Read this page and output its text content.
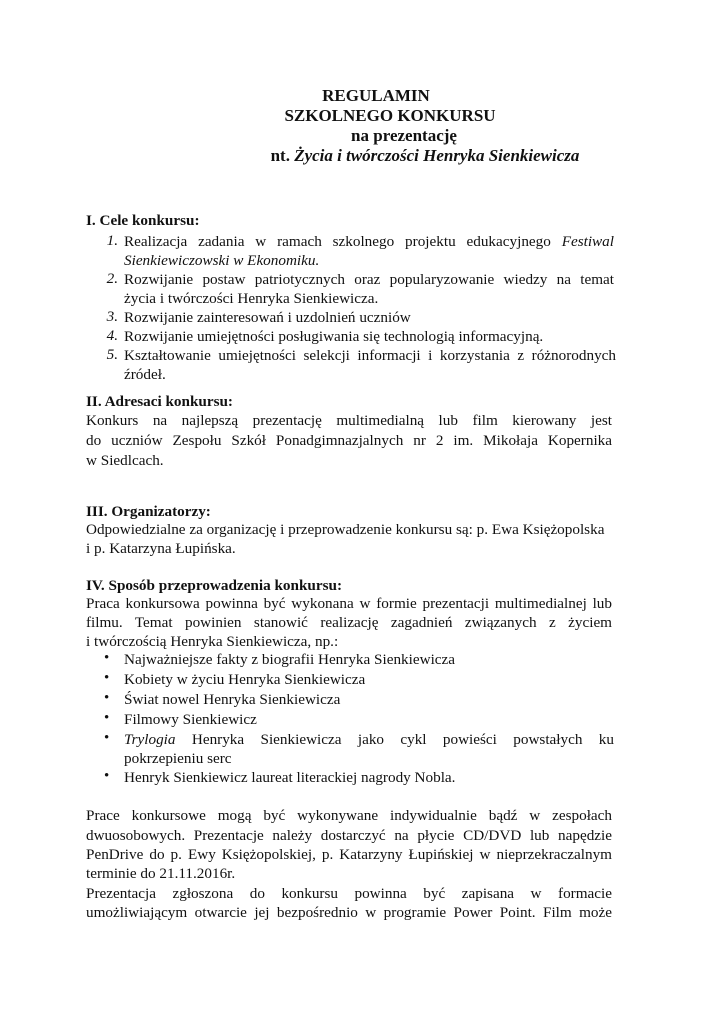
REGULAMIN
SZKOLNEGO KONKURSU
na prezentację
nt. Życia i twórczości Henryka Sienkiewicza
I. Cele konkursu:
1. Realizacja zadania w ramach szkolnego projektu edukacyjnego Festiwal
Sienkiewiczowski w Ekonomiku.
2. Rozwijanie postaw patriotycznych oraz popularyzowanie wiedzy na temat
życia i twórczości Henryka Sienkiewicza.
3. Rozwijanie zainteresowań i uzdolnień uczniów
4. Rozwijanie umiejętności posługiwania się technologią informacyjną.
5. Kształtowanie umiejętności selekcji informacji i korzystania z różnorodnych
źródeł.
II. Adresaci konkursu:
Konkurs na najlepszą prezentację multimedialną lub film kierowany jest
do uczniów Zespołu Szkół Ponadgimnazjalnych nr 2 im. Mikołaja Kopernika
w Siedlcach.
III. Organizatorzy:
Odpowiedzialne za organizację i przeprowadzenie konkursu są: p. Ewa Księżopolska
i p. Katarzyna Łupińska.
IV. Sposób przeprowadzenia konkursu:
Praca konkursowa powinna być wykonana w formie prezentacji multimedialnej lub
filmu. Temat powinien stanowić realizację zagadnień związanych z życiem
i twórczością Henryka Sienkiewicza, np.:
• Najważniejsze fakty z biografii Henryka Sienkiewicza
• Kobiety w życiu Henryka Sienkiewicza
• Świat nowel Henryka Sienkiewicza
• Filmowy Sienkiewicz
• Trylogia Henryka Sienkiewicza jako cykl powieści powstałych ku
pokrzepieniu serc
• Henryk Sienkiewicz laureat literackiej nagrody Nobla.
Prace konkursowe mogą być wykonywane indywidualnie bądź w zespołach
dwuosobowych. Prezentacje należy dostarczyć na płycie CD/DVD lub napędzie
PenDrive do p. Ewy Księżopolskiej, p. Katarzyny Łupińskiej w nieprzekraczalnym
terminie do 21.11.2016r.
Prezentacja zgłoszona do konkursu powinna być zapisana w formacie
umożliwiającym otwarcie jej bezpośrednio w programie Power Point. Film może
